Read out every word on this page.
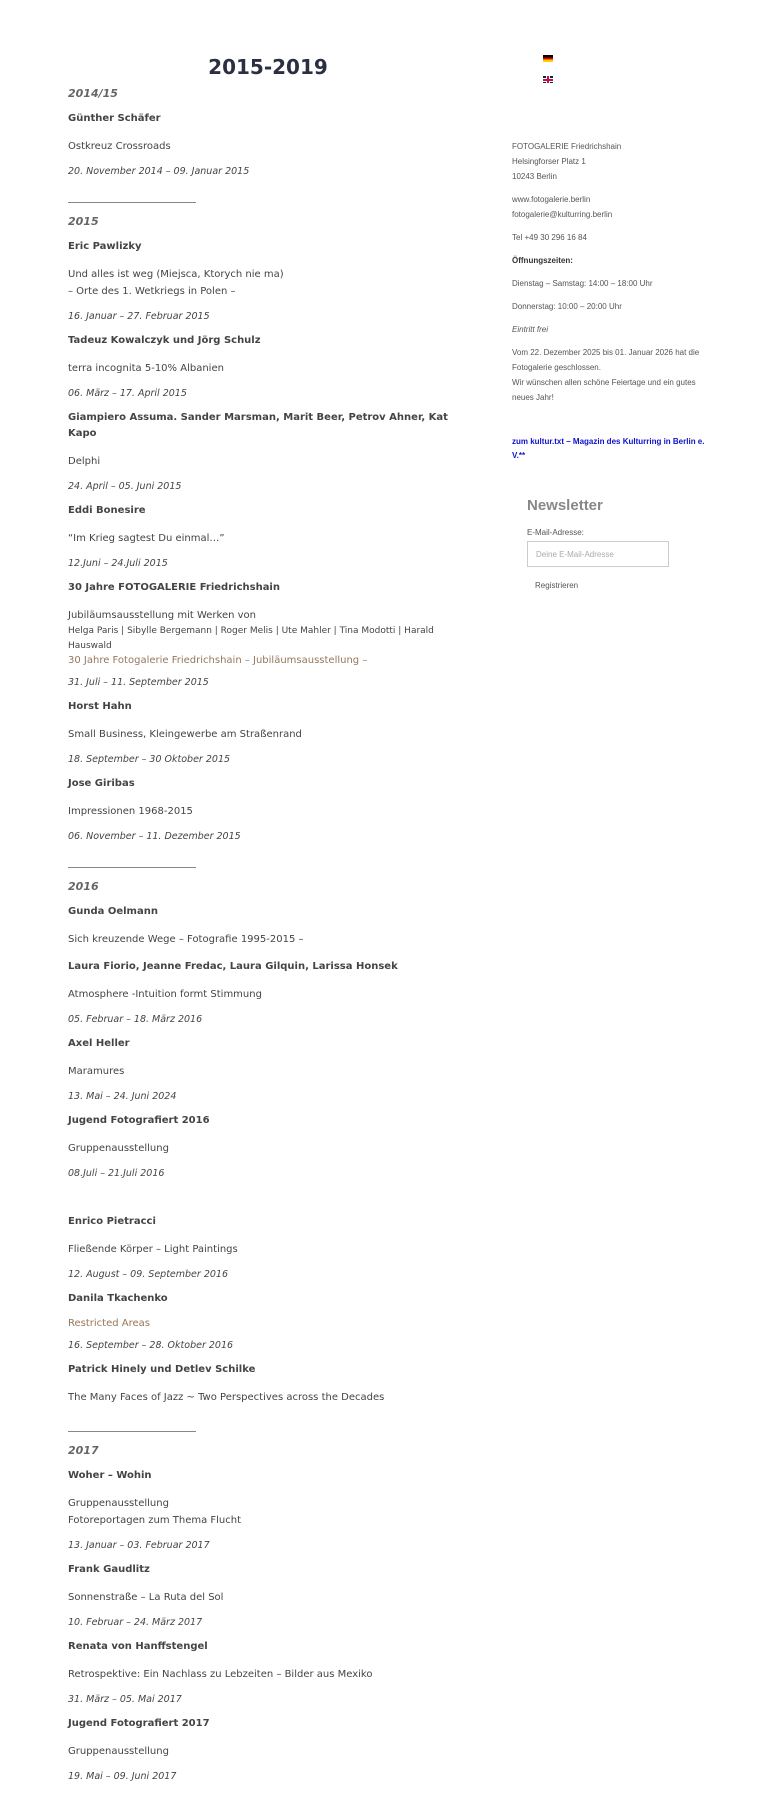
2015-2019

2014/15

Günther Schäfer

Ostkreuz Crossroads

20. November 2014 – 09. Januar 2015

2015

Eric Pawlizky

Und alles ist weg (Miejsca, Ktorych nie ma)
– Orte des 1. Wetkriegs in Polen –

16. Januar – 27. Februar 2015

Tadeuz Kowalczyk und Jörg Schulz

terra incognita 5-10% Albanien

06. März – 17. April 2015

Giampiero Assuma. Sander Marsman, Marit Beer, Petrov Ahner, Kat Kapo

Delphi

24. April – 05. Juni 2015

Eddi Bonesire

“Im Krieg sagtest Du einmal…”

12.Juni – 24.Juli 2015

30 Jahre FOTOGALERIE Friedrichshain

Jubiläumsausstellung mit Werken von

Helga Paris | Sibylle Bergemann | Roger Melis | Ute Mahler | Tina Modotti | Harald Hauswald

30 Jahre Fotogalerie Friedrichshain – Jubiläumsausstellung –

31. Juli – 11. September 2015

Horst Hahn

Small Business, Kleingewerbe am Straßenrand

18. September – 30 Oktober 2015

Jose Giribas

Impressionen 1968-2015

06. November – 11. Dezember 2015

2016

Gunda Oelmann

Sich kreuzende Wege – Fotografie 1995-2015 –

Laura Fiorio, Jeanne Fredac, Laura Gilquin, Larissa Honsek

Atmosphere -Intuition formt Stimmung

05. Februar – 18. März 2016

Axel Heller

Maramures

13. Mai – 24. Juni 2024

Jugend Fotografiert 2016

Gruppenausstellung

08.Juli – 21.Juli 2016

Enrico Pietracci

Fließende Körper – Light Paintings

12. August – 09. September 2016

Danila Tkachenko

Restricted Areas

16. September – 28. Oktober 2016

Patrick Hinely und Detlev Schilke

The Many Faces of Jazz ~ Two Perspectives across the Decades

2017

Woher – Wohin

Gruppenausstellung
Fotoreportagen zum Thema Flucht

13. Januar – 03. Februar 2017

Frank Gaudlitz

Sonnenstraße – La Ruta del Sol

10. Februar – 24. März 2017

Renata von Hanffstengel

Retrospektive: Ein Nachlass zu Lebzeiten – Bilder aus Mexiko

31. März – 05. Mai 2017

Jugend Fotografiert 2017

Gruppenausstellung

19. Mai – 09. Juni 2017

FOTOGALERIE Friedrichshain
Helsingforser Platz 1
10243 Berlin

www.fotogalerie.berlin
fotogalerie@kulturring.berlin

Tel +49 30 296 16 84

Öffnungszeiten:

Dienstag – Samstag: 14:00 – 18:00 Uhr

Donnerstag: 10:00 – 20:00 Uhr

Eintritt frei

Vom 22. Dezember 2025 bis 01. Januar 2026 hat die Fotogalerie geschlossen.
Wir wünschen allen schöne Feiertage und ein gutes neues Jahr!

zum kultur.txt – Magazin des Kulturring in Berlin e. V.**
Newsletter
E-Mail-Adresse:
Deine E-Mail-Adresse
Registrieren
